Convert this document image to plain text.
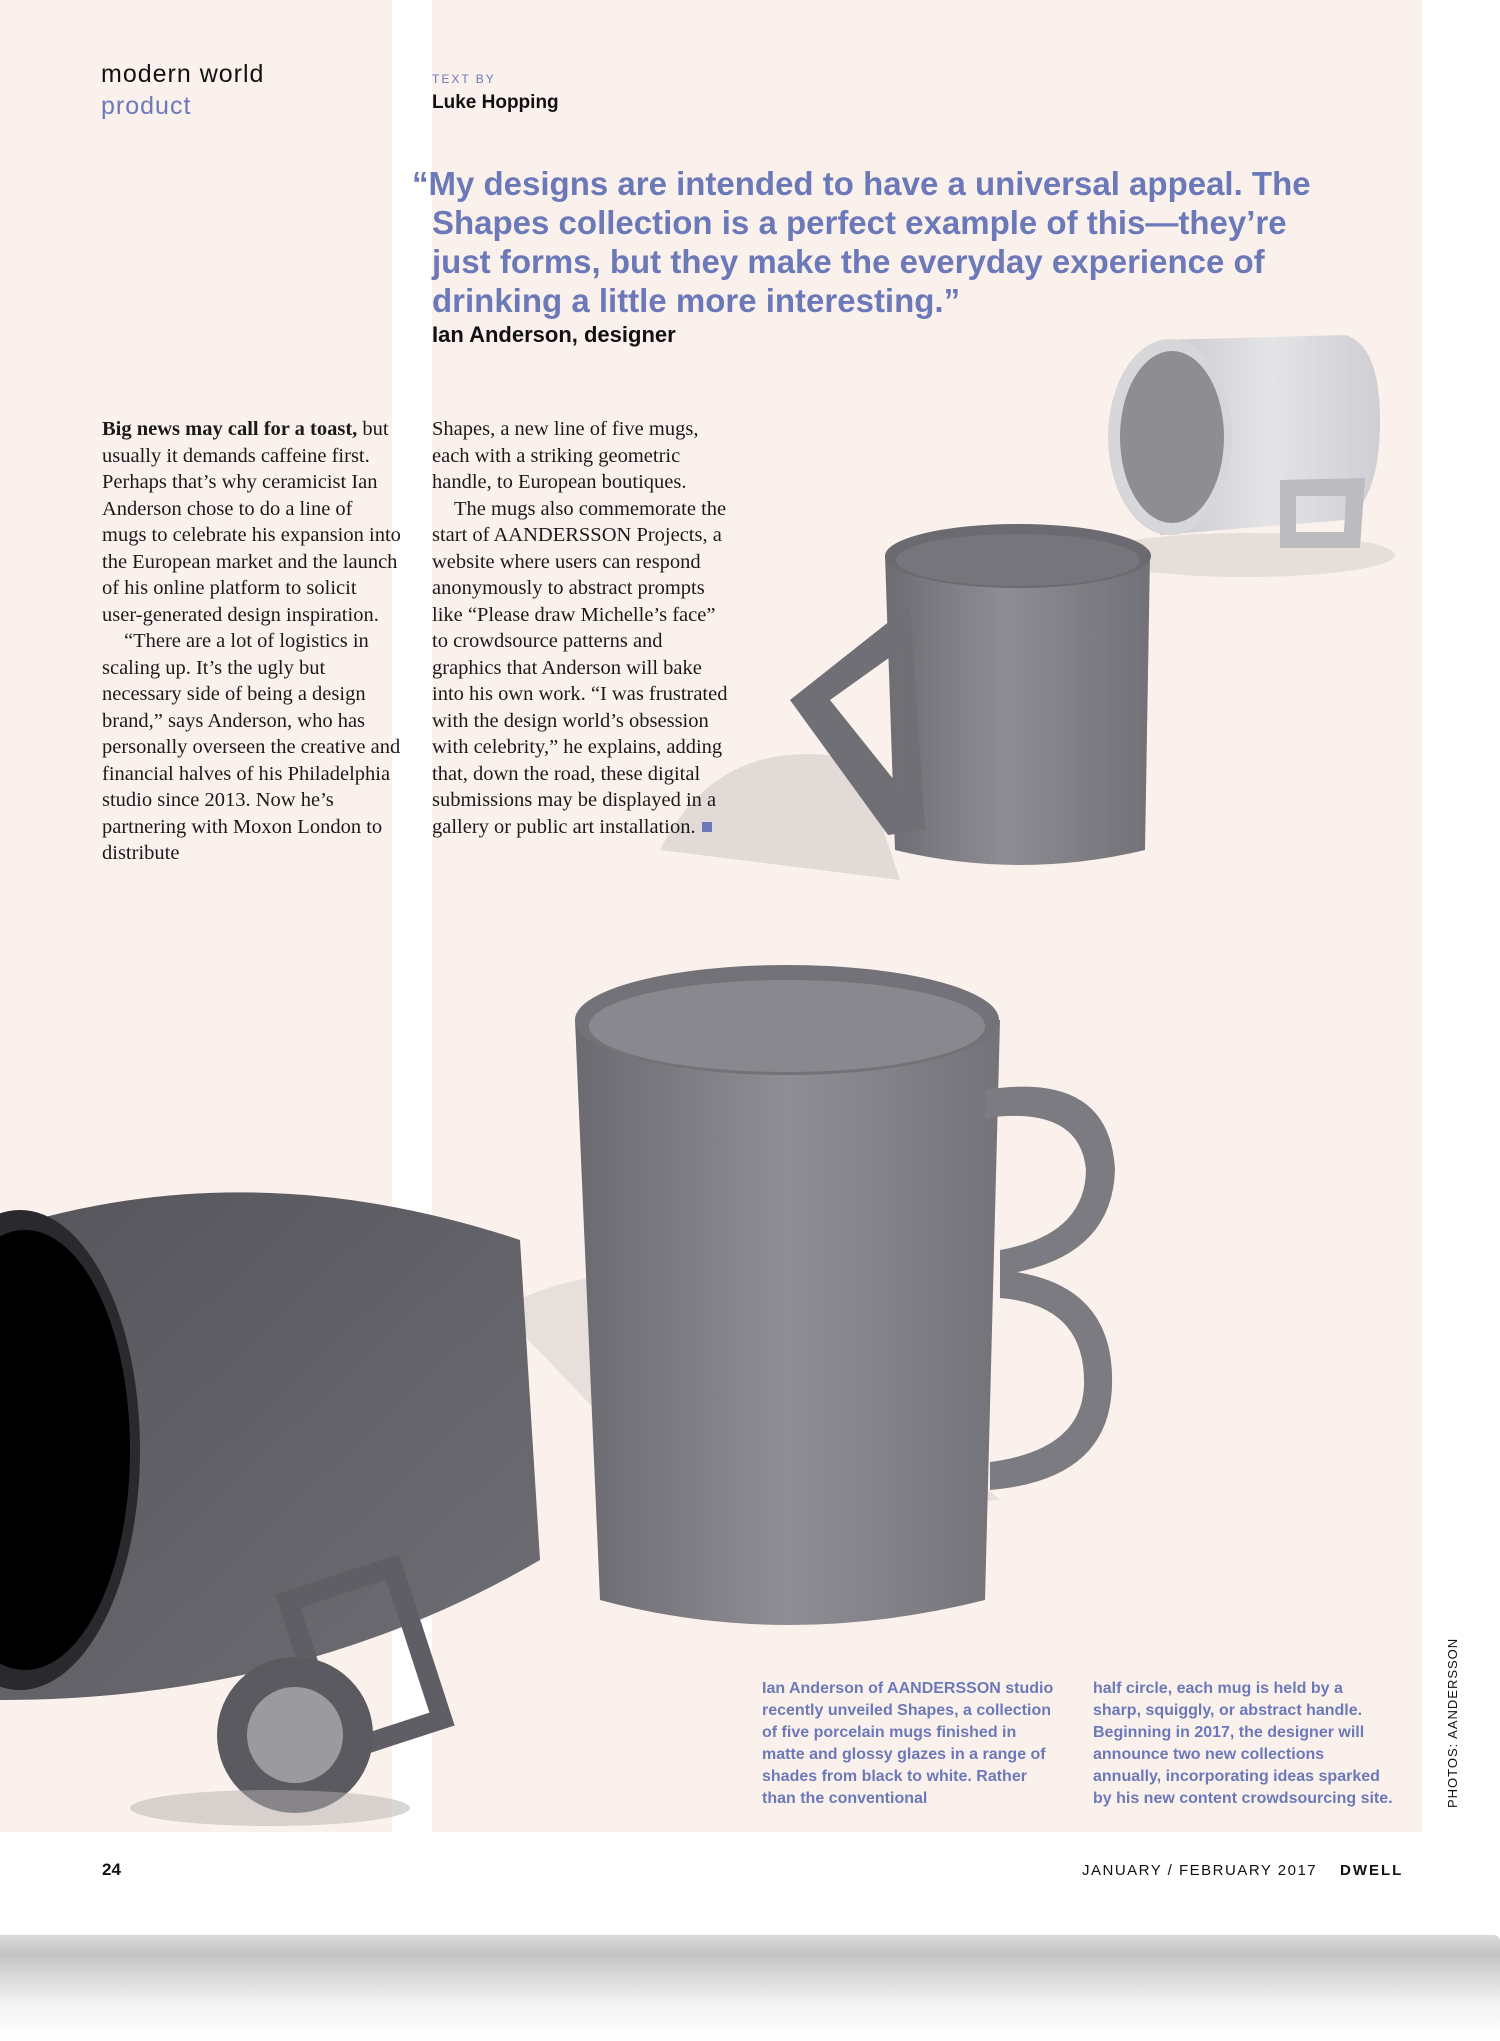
modern world
product
TEXT BY
Luke Hopping
“My designs are intended to have a universal appeal. The Shapes collection is a perfect example of this—they’re just forms, but they make the everyday experience of drinking a little more interesting.”
Ian Anderson, designer

Big news may call for a toast, but usually it demands caffeine first. Perhaps that’s why ceramicist Ian Anderson chose to do a line of mugs to celebrate his expansion into the European market and the launch of his online platform to solicit user-generated design inspiration.

“There are a lot of logistics in scaling up. It’s the ugly but necessary side of being a design brand,” says Anderson, who has personally overseen the creative and financial halves of his Philadelphia studio since 2013. Now he’s partnering with Moxon London to distribute

Shapes, a new line of five mugs, each with a striking geometric handle, to European boutiques.

The mugs also commemorate the start of AANDERSSON Projects, a website where users can respond anonymously to abstract prompts like “Please draw Michelle’s face” to crowdsource patterns and graphics that Anderson will bake into his own work. “I was frustrated with the design world’s obsession with celebrity,” he explains, adding that, down the road, these digital submissions may be displayed in a gallery or public art installation.

Ian Anderson of AANDERSSON studio recently unveiled Shapes, a collection of five porcelain mugs finished in matte and glossy glazes in a range of shades from black to white. Rather than the conventional
half circle, each mug is held by a sharp, squiggly, or abstract handle. Beginning in 2017, the designer will announce two new collections annually, incorporating ideas sparked by his new content crowdsourcing site.
24	JANUARY / FEBRUARY 2017 DWELL
PHOTOS: AANDERSSON
